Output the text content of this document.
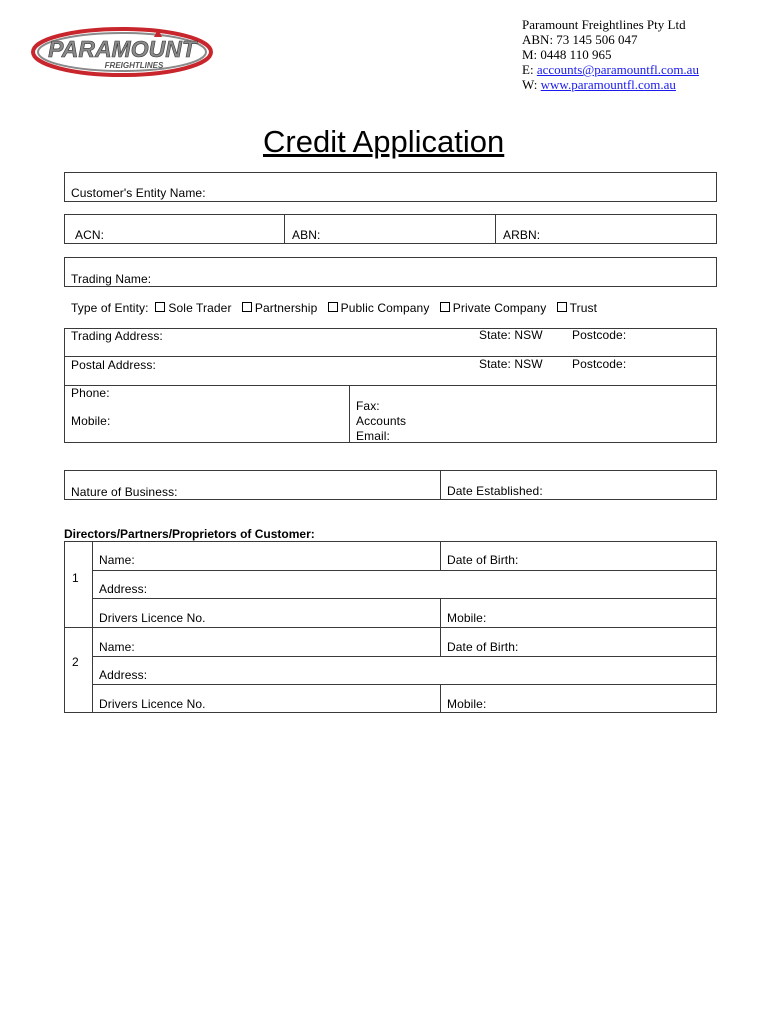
PARAMOUNT
FREIGHTLINES
Paramount Freightlines Pty Ltd
ABN: 73 145 506 047
M: 0448 110 965
E: accounts@paramountfl.com.au
W: www.paramountfl.com.au
Credit Application
Customer's Entity Name:
ACN:	ABN:	ARBN:
Trading Name:
Type of Entity: Sole Trader Partnership Public Company Private Company Trust
Trading Address:	State: NSW Postcode:
Postal Address:	State: NSW Postcode:
Phone:
Mobile:
Fax:
Accounts
Email:
Nature of Business:	Date Established:
Directors/Partners/Proprietors of Customer:
1
Name:	Date of Birth:
Address:
Drivers Licence No.	Mobile:
2
Name:	Date of Birth:
Address:
Drivers Licence No.	Mobile:
